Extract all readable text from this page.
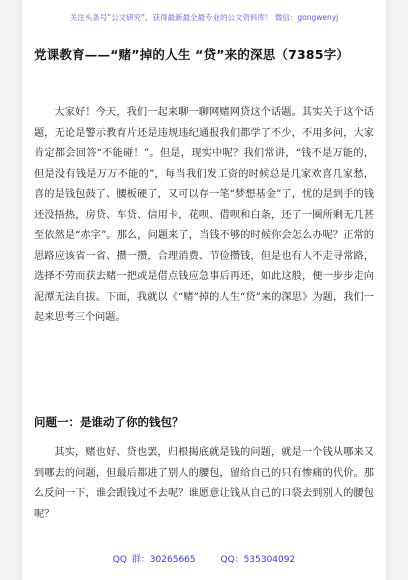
关注头条号“公文研究”，获得最新最全最专业的公文资料库！ 微信：gongwenyj
党课教育——“赌”掉的人生 “贷”来的深思（7385字）

大家好！今天，我们一起来聊一聊网赌网贷这个话题。其实关于这个话题，无论是警示教育片还是违规违纪通报我们都学了不少，不用多问，大家肯定都会回答“不能碰！”。但是，现实中呢？我们常讲，“钱不是万能的，但是没有钱是万万不能的”，每当我们发工资的时候总是几家欢喜几家愁，喜的是钱包鼓了、腰板硬了，又可以存一笔“梦想基金”了，忧的是到手的钱还没捂热，房贷、车贷、信用卡，花呗、借呗和白条，还了一圈所剩无几甚至依然是“赤字”。那么，问题来了，当钱不够的时候你会怎么办呢？正常的思路应该省一省、攒一攒，合理消费、节俭攒钱，但是也有人不走寻常路，选择不劳而获去赌一把或是借点钱应急事后再还，如此这般，便一步步走向泥潭无法自拔。下面，我就以《“赌”掉的人生“贷”来的深思》为题，我们一起来思考三个问题。

问题一：是谁动了你的钱包？

其实，赌也好、贷也罢，归根揭底就是钱的问题，就是一个钱从哪来又到哪去的问题，但最后都进了别人的腰包，留给自己的只有惨痛的代价。那么反问一下，谁会跟钱过不去呢？谁愿意让钱从自己的口袋去到别人的腰包呢？

QQ 群：30265665	QQ：535304092
